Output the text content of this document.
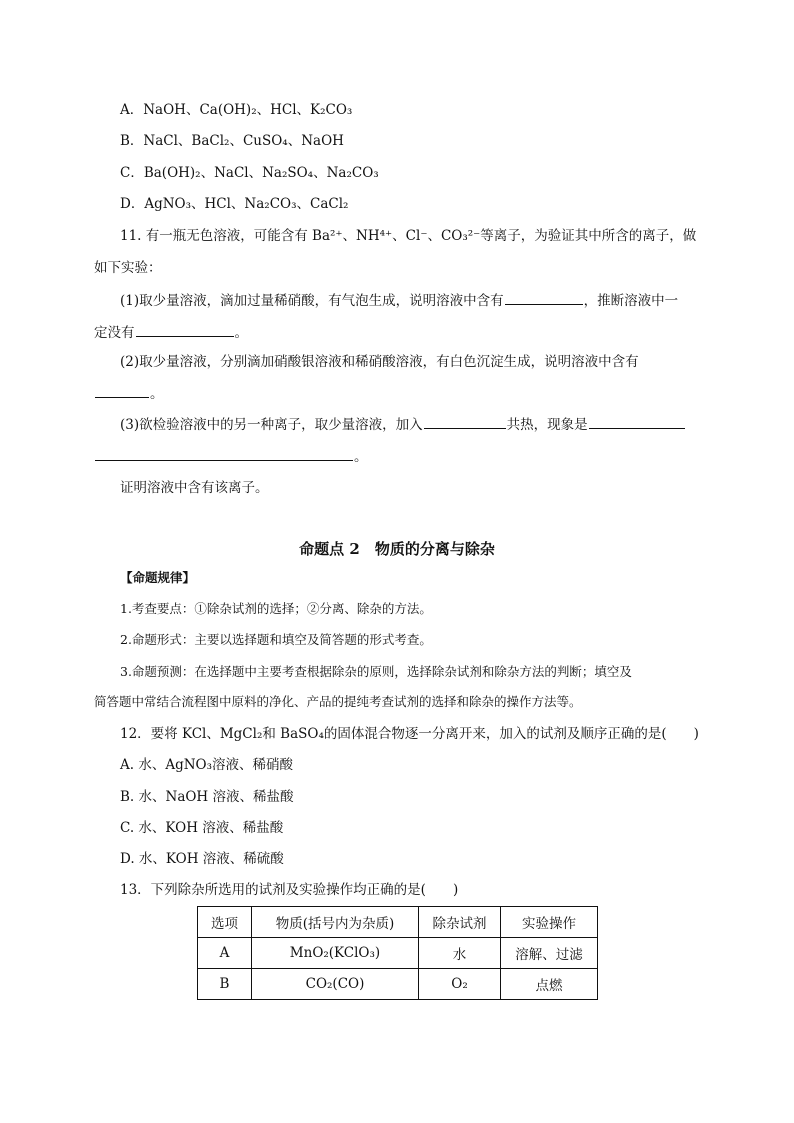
A．NaOH、Ca(OH)₂、HCl、K₂CO₃
B．NaCl、BaCl₂、CuSO₄、NaOH
C．Ba(OH)₂、NaCl、Na₂SO₄、Na₂CO₃
D．AgNO₃、HCl、Na₂CO₃、CaCl₂
11. 有一瓶无色溶液，可能含有 Ba²⁺、NH⁴⁺、Cl⁻、CO₃²⁻等离子，为验证其中所含的离子，做
如下实验：
(1)取少量溶液，滴加过量稀硝酸，有气泡生成，说明溶液中含有	，推断溶液中一
定没有	。
(2)取少量溶液，分别滴加硝酸银溶液和稀硝酸溶液，有白色沉淀生成，说明溶液中含有
。
(3)欲检验溶液中的另一种离子，取少量溶液，加入	共热，现象是
。
证明溶液中含有该离子。
命题点 2　物质的分离与除杂
【命题规律】
1.考查要点：①除杂试剂的选择；②分离、除杂的方法。
2.命题形式：主要以选择题和填空及简答题的形式考查。
3.命题预测：在选择题中主要考查根据除杂的原则，选择除杂试剂和除杂方法的判断；填空及
简答题中常结合流程图中原料的净化、产品的提纯考查试剂的选择和除杂的操作方法等。
12．要将 KCl、MgCl₂和 BaSO₄的固体混合物逐一分离开来，加入的试剂及顺序正确的是(　　)
A. 水、AgNO₃溶液、稀硝酸
B. 水、NaOH 溶液、稀盐酸
C. 水、KOH 溶液、稀盐酸
D. 水、KOH 溶液、稀硫酸
13．下列除杂所选用的试剂及实验操作均正确的是(　　)
选项	物质(括号内为杂质)	除杂试剂	实验操作
A	MnO₂(KClO₃)	水	溶解、过滤
B	CO₂(CO)	O₂	点燃
